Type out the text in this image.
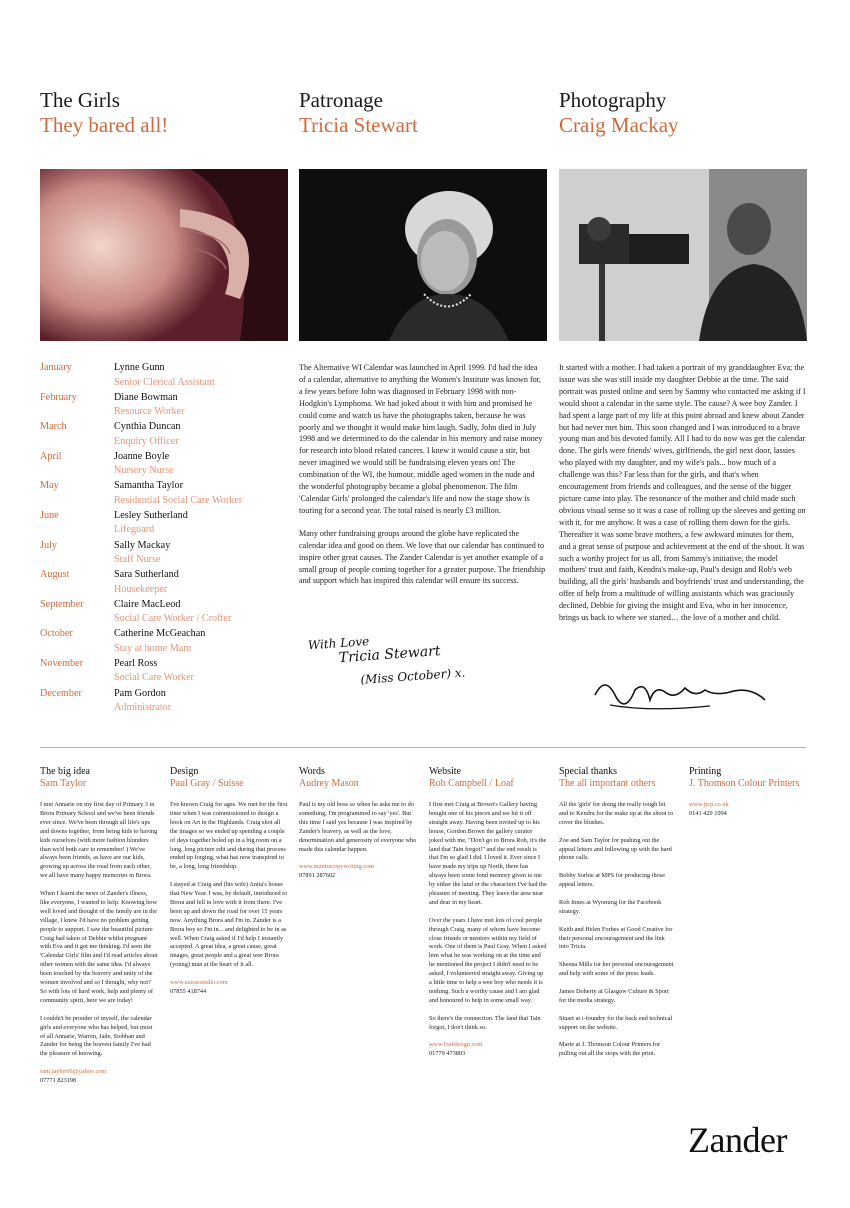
The Girls
They bared all!
Patronage
Tricia Stewart
Photography
Craig Mackay
January	Lynne Gunn
Senior Clerical Assistant
February	Diane Bowman
Resource Worker
March	Cynthia Duncan
Enquiry Officer
April	Joanne Boyle
Nursery Nurse
May	Samantha Taylor
Residential Social Care Worker
June	Lesley Sutherland
Lifeguard
July	Sally Mackay
Staff Nurse
August	Sara Sutherland
Housekeeper
September	Claire MacLeod
Social Care Worker / Crofter
October	Catherine McGeachan
Stay at home Mam
November	Pearl Ross
Social Care Worker
December	Pam Gordon
Administrator

The Alternative WI Calendar was launched in April 1999. I'd had the idea of a calendar, alternative to anything the Women's Institute was known for, a few years before John was diagnosed in February 1998 with non-Hodgkin's Lymphoma. We had joked about it with him and promised he could come and watch us have the photographs taken, because he was poorly and we thought it would make him laugh. Sadly, John died in July 1998 and we determined to do the calendar in his memory and raise money for research into blood related cancers. I knew it would cause a stir, but never imagined we would still be fundraising eleven years on! The combination of the WI, the humour, middle aged women in the nude and the wonderful photography became a global phenomenon. The film 'Calendar Girls' prolonged the calendar's life and now the stage show is touring for a second year. The total raised is nearly £3 million.

Many other fundraising groups around the globe have replicated the calendar idea and good on them. We love that our calendar has continued to inspire other great causes. The Zander Calendar is yet another example of a small group of people coming together for a greater purpose. The friendship and support which has inspired this calendar will ensure its success.

With Love
Tricia Stewart
(Miss October) x.

It started with a mother. I had taken a portrait of my granddaughter Eva; the issue was she was still inside my daughter Debbie at the time. The said portrait was posted online and seen by Sammy who contacted me asking if I would shoot a calendar in the same style. The cause? A wee boy Zander. I had spent a large part of my life at this point abroad and knew about Zander but had never met him. This soon changed and I was introduced to a brave young man and his devoted family. All I had to do now was get the calendar done. The girls were friends' wives, girlfriends, the girl next door, lassies who played with my daughter, and my wife's pals... how much of a challenge was this? Far less than for the girls, and that's when encouragement from friends and colleagues, and the sense of the bigger picture came into play. The resonance of the mother and child made such obvious visual sense so it was a case of rolling up the sleeves and getting on with it, for me anyhow. It was a case of rolling them down for the girls. Thereafter it was some brave mothers, a few awkward minutes for them, and a great sense of purpose and achievement at the end of the shoot. It was such a worthy project for us all, from Sammy's initiative, the model mothers' trust and faith, Kendra's make-up, Paul's design and Rob's web building, all the girls' husbands and boyfriends' trust and understanding, the offer of help from a multitude of willing assistants which was graciously declined, Debbie for giving the insight and Eva, who in her innocence, brings us back to where we started… the love of a mother and child.

The big idea
Sam Taylor

I met Annarie on my first day of Primary 3 in Brora Primary School and we've been friends ever since. We've been through all life's ups and downs together, from being kids to having kids ourselves (with more fashion blunders than we'd both care to remember! ) We've always been friends, as have are our kids, growing up across the road from each other, we all have many happy memories in Brora.

When I learnt the news of Zander's illness, like everyone, I wanted to help. Knowing how well loved and thought of the family are in the village, I knew I'd have no problem getting people to support. I saw the beautiful picture Craig had taken of Debbie whilst pregnant with Eva and it got me thinking. I'd seen the 'Calendar Girls' film and I'd read articles about other women with the same idea. I'd always been touched by the bravery and unity of the women involved and so I thought, why not? So with lots of hard work, help and plenty of community spirit, here we are today!

I couldn't be prouder of myself, the calendar girls and everyone who has helped, but most of all Annarie, Warren, Jade, Siobhan and Zander for being the bravest family I've had the pleasure of knowing.

sam.taylor66@yahoo.com
07771 823198
Design
Paul Gray / Suisse

I've known Craig for ages. We met for the first time when I was commissioned to design a book on Art in the Highlands. Craig shot all the images so we ended up spending a couple of days together holed up in a big room on a long, long picture edit and during that process ended up forging, what has now transpired to be, a long, long friendship.

I stayed at Craig and (his wife) Anita's house that New Year. I was, by default, introduced to Brora and fell in love with it from there. I've been up and down the road for over 15 years now. Anything Brora and I'm in. Zander is a Brora boy so I'm in... and delighted to be in as well. When Craig asked if I'd help I instantly accepted. A great idea, a great cause, great images, great people and a great wee Brora (young) man at the heart of it all.

www.suissestudio.com
07855 418744
Words
Audrey Mason

Paul is my old boss so when he asks me to do something, I'm programmed to say 'yes'. But this time I said yes because I was inspired by Zander's bravery, as well as the love, determination and generosity of everyone who made this calendar happen.

www.mantracopywriting.com
07891 287602
Website
Rob Campbell / Loaf

I first met Craig at Brown's Gallery having bought one of his pieces and we hit it off straight away. Having been invited up to his house, Gordon Brown the gallery curator joked with me, "Don't go to Brora Rob, it's the land that Tain forgot!" and the end result is that I'm so glad I did. I loved it. Ever since I have made my trips up North, there has always been some fond memory given to me by either the land or the characters I've had the pleasure of meeting. They leave the area near and dear in my heart.

Over the years I have met lots of cool people through Craig, many of whom have become close friends or mentors within my field of work. One of them is Paul Gray. When I asked him what he was working on at the time and he mentioned the project I didn't need to be asked, I volunteered straight away. Giving up a little time to help a wee boy who needs it is nothing. Such a worthy cause and I am glad and honoured to help in some small way.

So there's the connection. The land that Tain forgot, I don't think so.

www.loafdesign.com
01779 473803
Special thanks
The all important others

All the 'girls' for doing the really tough bit and to Kendra for the make up at the shoot to cover the blushes.

Zoe and Sam Taylor for pushing out the appeal letters and following up with the hard phone calls.

Bobby Sorbie at MPS for producing those appeal letters.

Rob Innes at Wyoming for the Facebook strategy.

Keith and Helen Forbes at Good Creative for their personal encouragement and the link into Tricia.

Sheena Mills for her personal encouragement and help with some of the press leads.

James Doherty at Glasgow Culture & Sport for the media strategy.

Stuart at i-foundry for the back end technical support on the website.

Marie at J. Thomson Colour Printers for pulling out all the stops with the print.

Printing
J. Thomson Colour Printers
www.jtcp.co.uk
0141 429 1094
Zander
